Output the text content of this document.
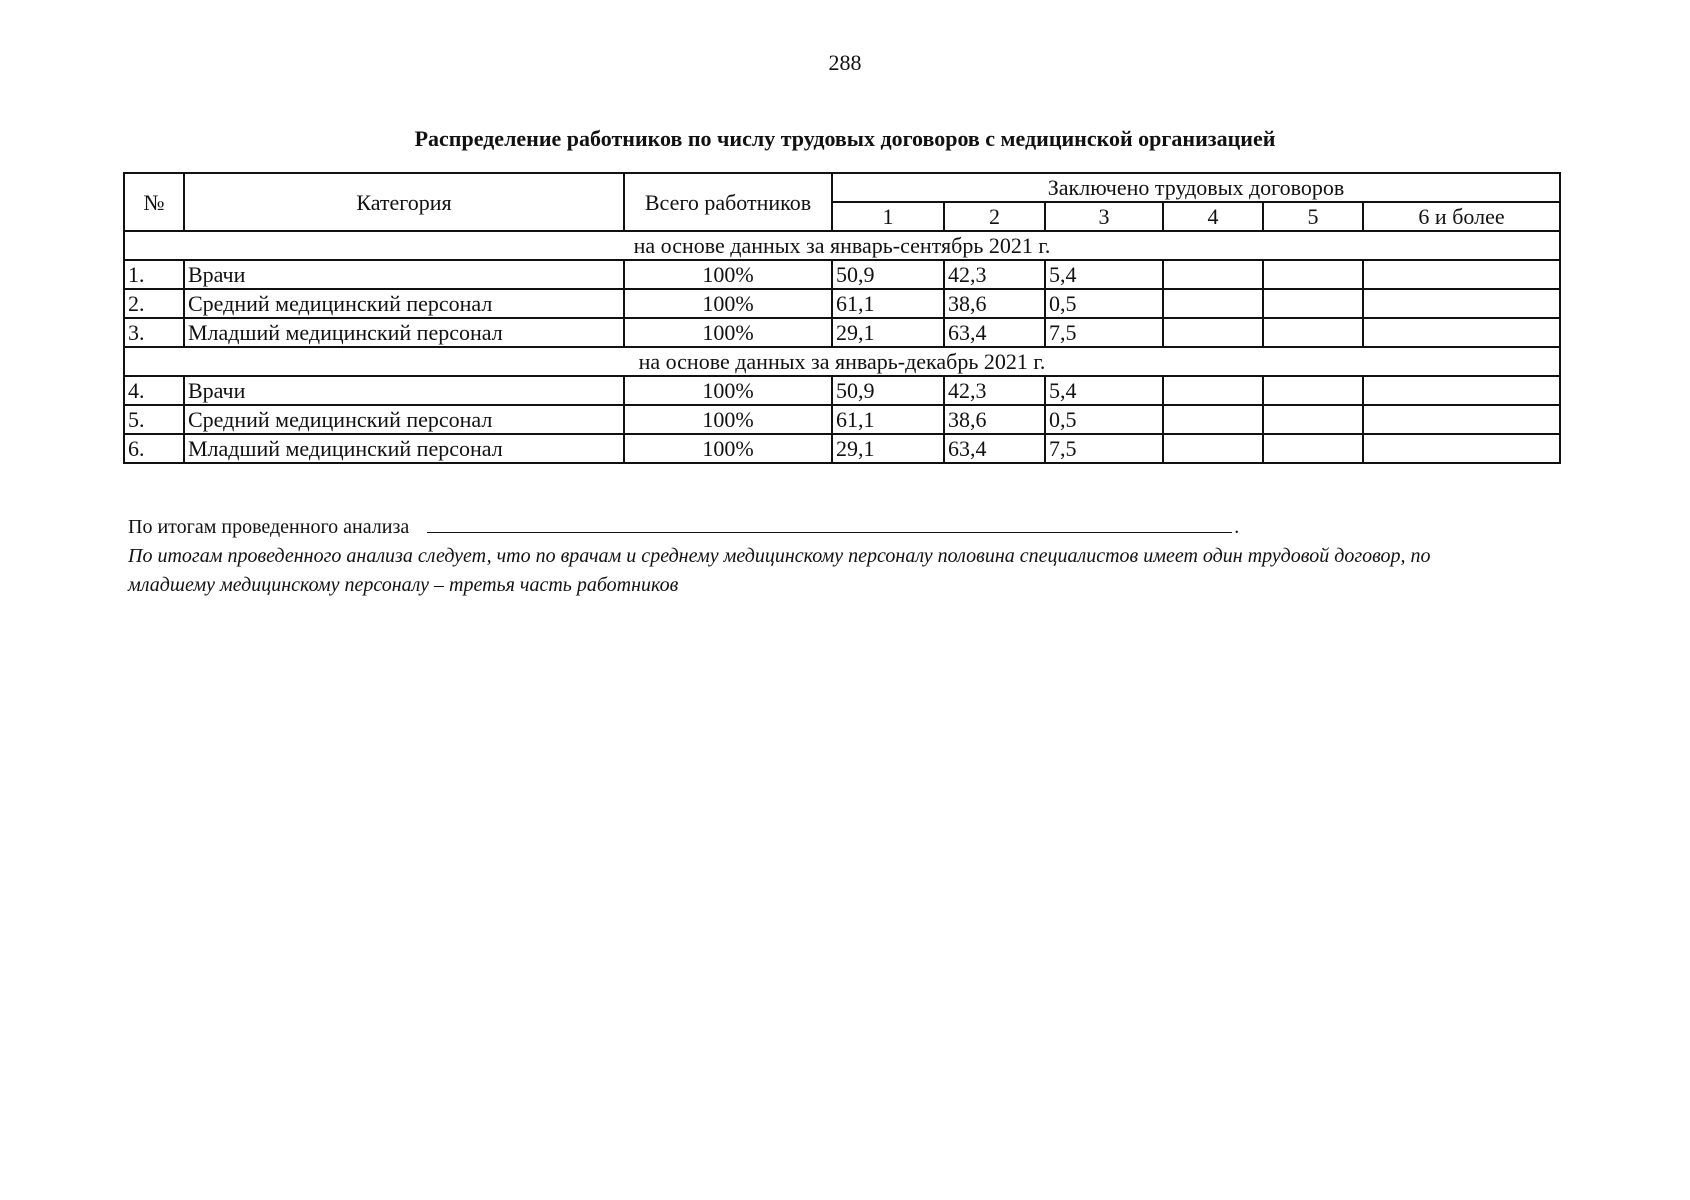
288
Распределение работников по числу трудовых договоров с медицинской организацией
№	Категория	Всего работников	Заключено трудовых договоров					
			1	2	3	4	5	6 и более
на основе данных за январь-сентябрь 2021 г.								
1.	Врачи	100%	50,9	42,3	5,4			
2.	Средний медицинский персонал	100%	61,1	38,6	0,5			
3.	Младший медицинский персонал	100%	29,1	63,4	7,5			
на основе данных за январь-декабрь 2021 г.								
4.	Врачи	100%	50,9	42,3	5,4			
5.	Средний медицинский персонал	100%	61,1	38,6	0,5			
6.	Младший медицинский персонал	100%	29,1	63,4	7,5			
По итогам проведенного анализа	.
По итогам проведенного анализа следует, что по врачам и среднему медицинскому персоналу половина специалистов имеет один трудовой договор, по младшему медицинскому персоналу – третья часть работников
